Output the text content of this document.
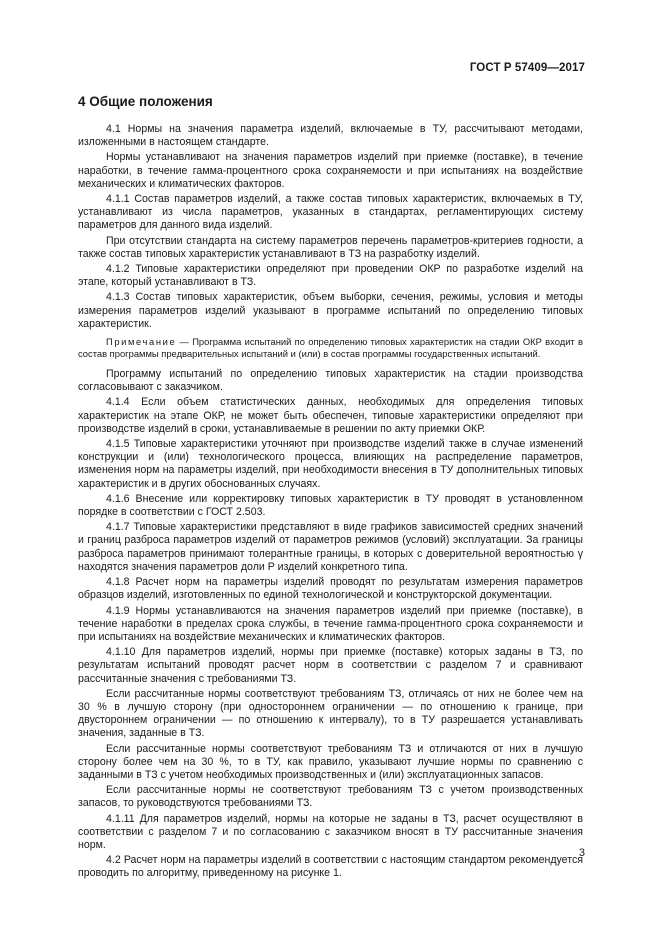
ГОСТ Р 57409—2017
4 Общие положения

4.1 Нормы на значения параметра изделий, включаемые в ТУ, рассчитывают методами, изложенными в настоящем стандарте.

Нормы устанавливают на значения параметров изделий при приемке (поставке), в течение наработки, в течение гамма-процентного срока сохраняемости и при испытаниях на воздействие механических и климатических факторов.

4.1.1 Состав параметров изделий, а также состав типовых характеристик, включаемых в ТУ, устанавливают из числа параметров, указанных в стандартах, регламентирующих систему параметров для данного вида изделий.

При отсутствии стандарта на систему параметров перечень параметров-критериев годности, а также состав типовых характеристик устанавливают в ТЗ на разработку изделий.

4.1.2 Типовые характеристики определяют при проведении ОКР по разработке изделий на этапе, который устанавливают в ТЗ.

4.1.3 Состав типовых характеристик, объем выборки, сечения, режимы, условия и методы измерения параметров изделий указывают в программе испытаний по определению типовых характеристик.

Примечание — Программа испытаний по определению типовых характеристик на стадии ОКР входит в состав программы предварительных испытаний и (или) в состав программы государственных испытаний.

Программу испытаний по определению типовых характеристик на стадии производства согласовывают с заказчиком.

4.1.4 Если объем статистических данных, необходимых для определения типовых характеристик на этапе ОКР, не может быть обеспечен, типовые характеристики определяют при производстве изделий в сроки, устанавливаемые в решении по акту приемки ОКР.

4.1.5 Типовые характеристики уточняют при производстве изделий также в случае изменений конструкции и (или) технологического процесса, влияющих на распределение параметров, изменения норм на параметры изделий, при необходимости внесения в ТУ дополнительных типовых характеристик и в других обоснованных случаях.

4.1.6 Внесение или корректировку типовых характеристик в ТУ проводят в установленном порядке в соответствии с ГОСТ 2.503.

4.1.7 Типовые характеристики представляют в виде графиков зависимостей средних значений и границ разброса параметров изделий от параметров режимов (условий) эксплуатации. За границы разброса параметров принимают толерантные границы, в которых с доверительной вероятностью γ находятся значения параметров доли P изделий конкретного типа.

4.1.8 Расчет норм на параметры изделий проводят по результатам измерения параметров образцов изделий, изготовленных по единой технологической и конструкторской документации.

4.1.9 Нормы устанавливаются на значения параметров изделий при приемке (поставке), в течение наработки в пределах срока службы, в течение гамма-процентного срока сохраняемости и при испытаниях на воздействие механических и климатических факторов.

4.1.10 Для параметров изделий, нормы при приемке (поставке) которых заданы в ТЗ, по результатам испытаний проводят расчет норм в соответствии с разделом 7 и сравнивают рассчитанные значения с требованиями ТЗ.

Если рассчитанные нормы соответствуют требованиям ТЗ, отличаясь от них не более чем на 30 % в лучшую сторону (при одностороннем ограничении — по отношению к границе, при двустороннем ограничении — по отношению к интервалу), то в ТУ разрешается устанавливать значения, заданные в ТЗ.

Если рассчитанные нормы соответствуют требованиям ТЗ и отличаются от них в лучшую сторону более чем на 30 %, то в ТУ, как правило, указывают лучшие нормы по сравнению с заданными в ТЗ с учетом необходимых производственных и (или) эксплуатационных запасов.

Если рассчитанные нормы не соответствуют требованиям ТЗ с учетом производственных запасов, то руководствуются требованиями ТЗ.

4.1.11 Для параметров изделий, нормы на которые не заданы в ТЗ, расчет осуществляют в соответствии с разделом 7 и по согласованию с заказчиком вносят в ТУ рассчитанные значения норм.

4.2 Расчет норм на параметры изделий в соответствии с настоящим стандартом рекомендуется проводить по алгоритму, приведенному на рисунке 1.

3
